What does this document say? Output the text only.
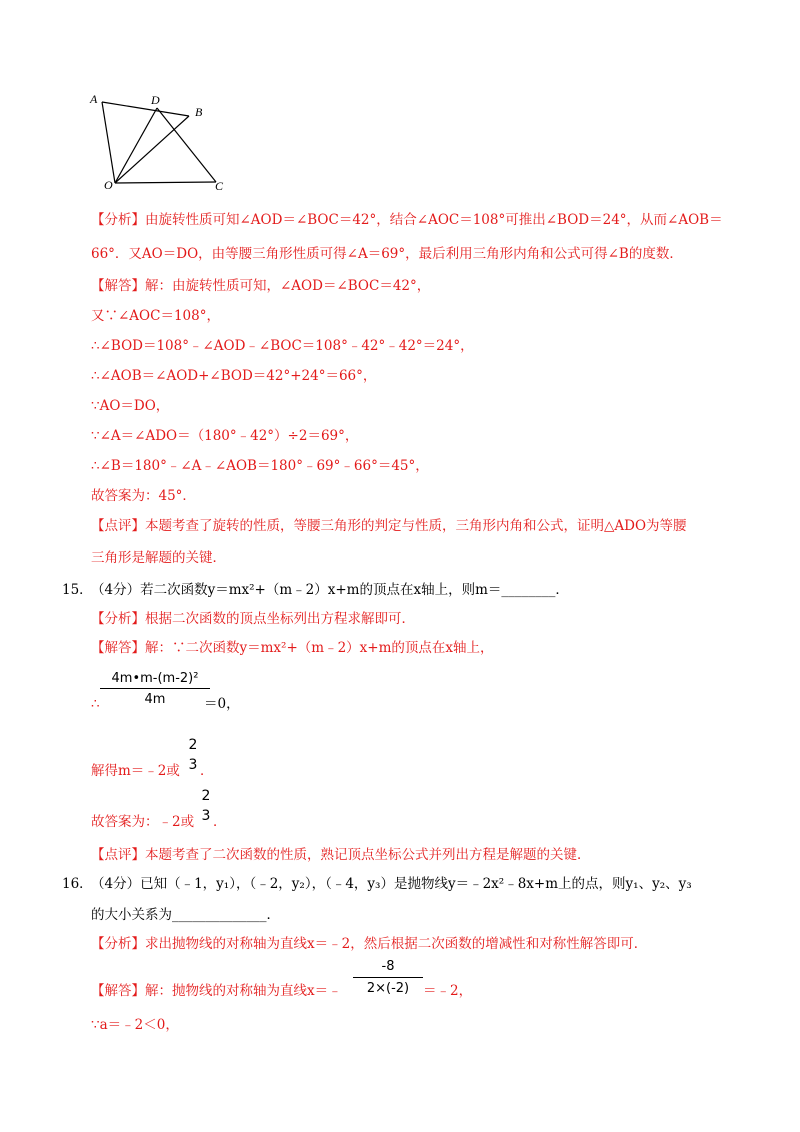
A	D
B
O	C
【分析】由旋转性质可知∠AOD＝∠BOC＝42°，结合∠AOC＝108°可推出∠BOD＝24°，从而∠AOB＝
66°．又AO＝DO，由等腰三角形性质可得∠A＝69°，最后利用三角形内角和公式可得∠B的度数．
【解答】解：由旋转性质可知，∠AOD＝∠BOC＝42°，
又∵∠AOC＝108°，
∴∠BOD＝108°﹣∠AOD﹣∠BOC＝108°﹣42°﹣42°＝24°，
∴∠AOB＝∠AOD+∠BOD＝42°+24°＝66°，
∵AO＝DO，
∵∠A＝∠ADO＝（180°﹣42°）÷2＝69°，
∴∠B＝180°﹣∠A﹣∠AOB＝180°﹣69°﹣66°＝45°，
故答案为：45°．
【点评】本题考查了旋转的性质，等腰三角形的判定与性质，三角形内角和公式，证明△ADO为等腰
三角形是解题的关键．
15．
（4分）若二次函数y＝mx²+（m﹣2）x+m的顶点在x轴上，则m＝________．
【分析】根据二次函数的顶点坐标列出方程求解即可．
【解答】解：∵二次函数y＝mx²+（m﹣2）x+m的顶点在x轴上，
∴
4m•m-(m-2)²
4m	＝0，
解得m＝﹣2或
2
3 ．
故答案为：﹣2或
2
3 ．
【点评】本题考查了二次函数的性质，熟记顶点坐标公式并列出方程是解题的关键．
16．
（4分）已知（﹣1，y₁），（﹣2，y₂），（﹣4，y₃）是抛物线y＝﹣2x²﹣8x+m上的点，则y₁、y₂、y₃
的大小关系为______________．
【分析】求出抛物线的对称轴为直线x＝﹣2，然后根据二次函数的增减性和对称性解答即可．
【解答】解：抛物线的对称轴为直线x＝﹣
-8
2×(-2)	＝﹣2，
∵a＝﹣2＜0，
